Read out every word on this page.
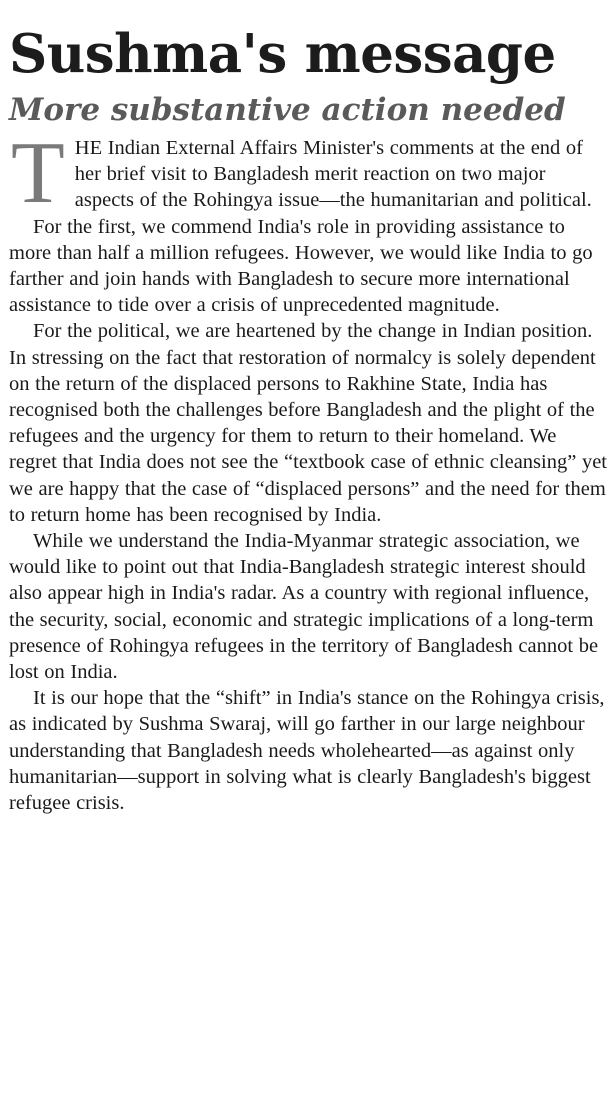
Sushma's message
More substantive action needed

THE Indian External Affairs Minister's comments at the end of her brief visit to Bangladesh merit reaction on two major aspects of the Rohingya issue—the humanitarian and political.

For the first, we commend India's role in providing assistance to more than half a million refugees. However, we would like India to go farther and join hands with Bangladesh to secure more international assistance to tide over a crisis of unprecedented magnitude.

For the political, we are heartened by the change in Indian position. In stressing on the fact that restoration of normalcy is solely dependent on the return of the displaced persons to Rakhine State, India has recognised both the challenges before Bangladesh and the plight of the refugees and the urgency for them to return to their homeland. We regret that India does not see the “textbook case of ethnic cleansing” yet we are happy that the case of “displaced persons” and the need for them to return home has been recognised by India.

While we understand the India-Myanmar strategic association, we would like to point out that India-Bangladesh strategic interest should also appear high in India's radar. As a country with regional influence, the security, social, economic and strategic implications of a long-term presence of Rohingya refugees in the territory of Bangladesh cannot be lost on India.

It is our hope that the “shift” in India's stance on the Rohingya crisis, as indicated by Sushma Swaraj, will go farther in our large neighbour understanding that Bangladesh needs wholehearted—as against only humanitarian—support in solving what is clearly Bangladesh's biggest refugee crisis.
